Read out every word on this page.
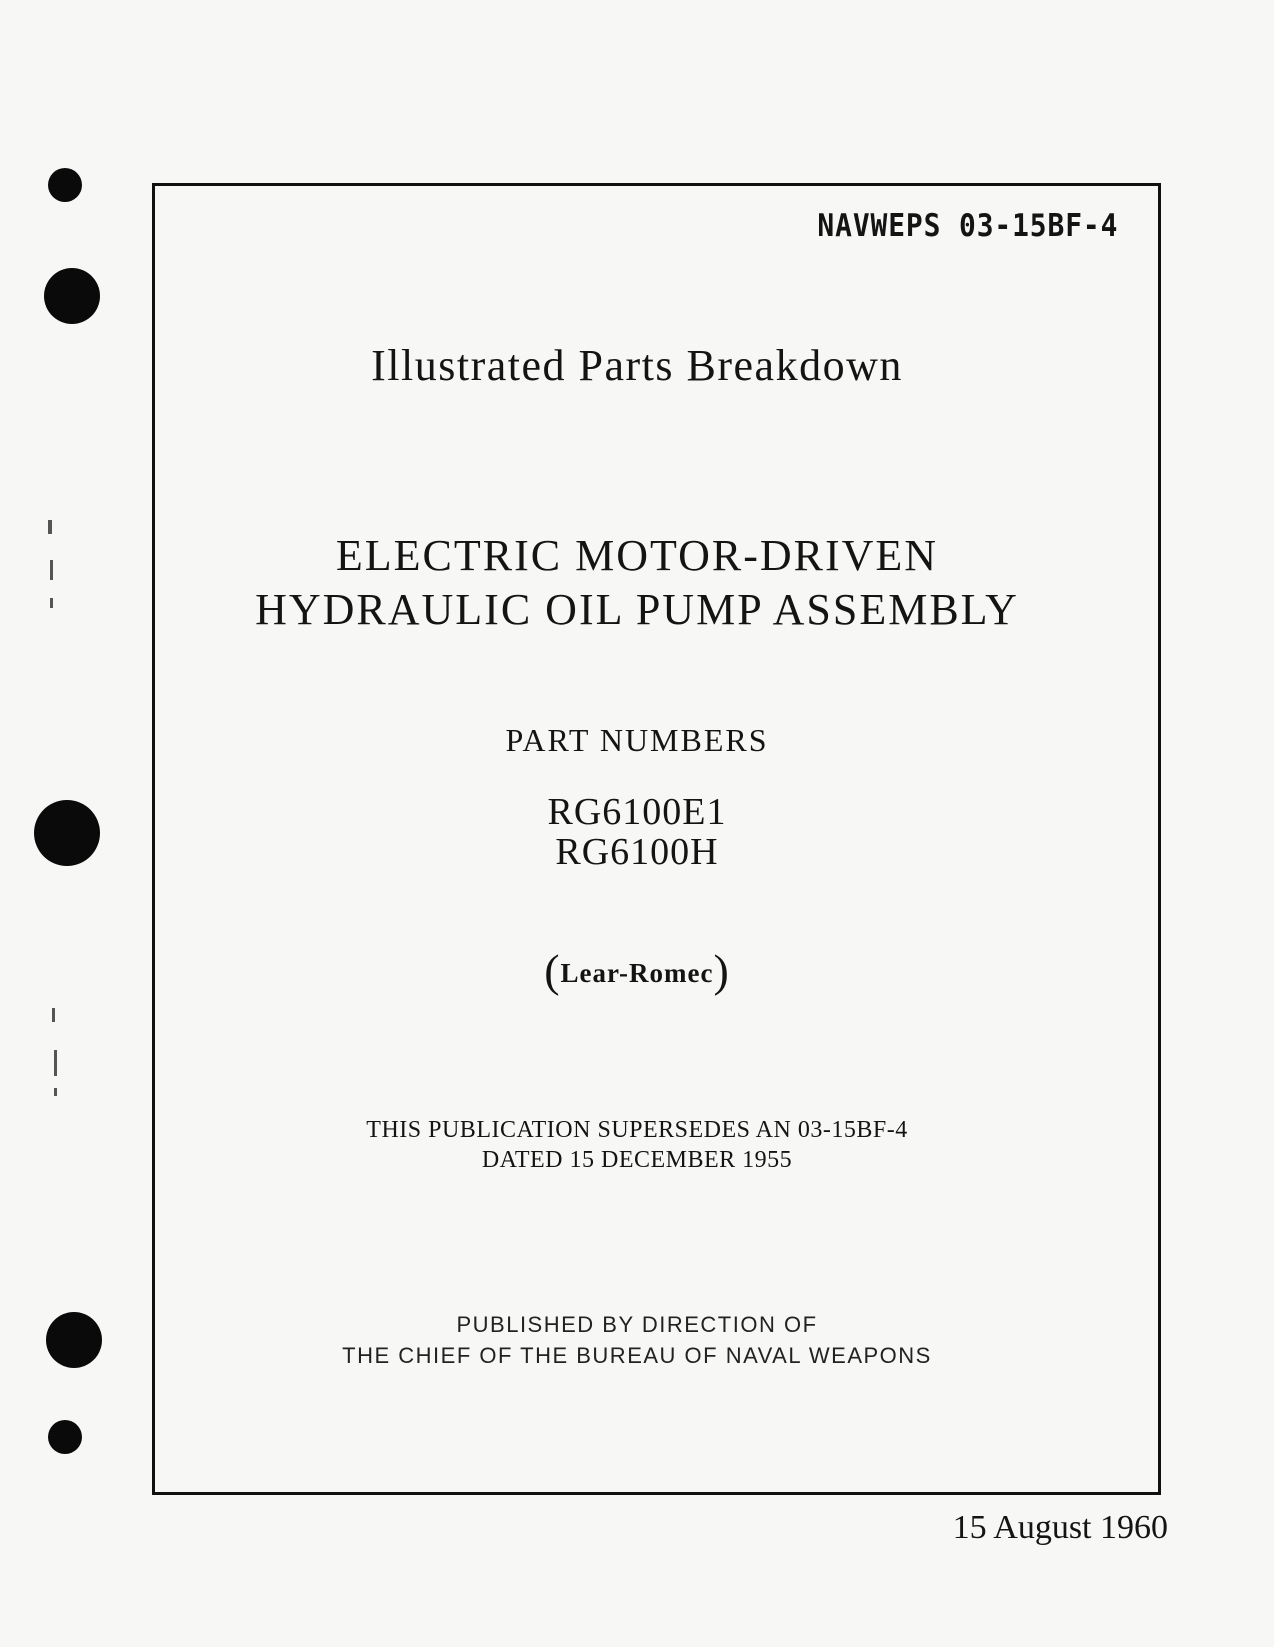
NAVWEPS 03-15BF-4
Illustrated Parts Breakdown
ELECTRIC MOTOR-DRIVEN
HYDRAULIC OIL PUMP ASSEMBLY
PART NUMBERS
RG6100E1
RG6100H
(Lear-Romec)
THIS PUBLICATION SUPERSEDES AN 03-15BF-4
DATED 15 DECEMBER 1955
PUBLISHED BY DIRECTION OF
THE CHIEF OF THE BUREAU OF NAVAL WEAPONS
15 August 1960
